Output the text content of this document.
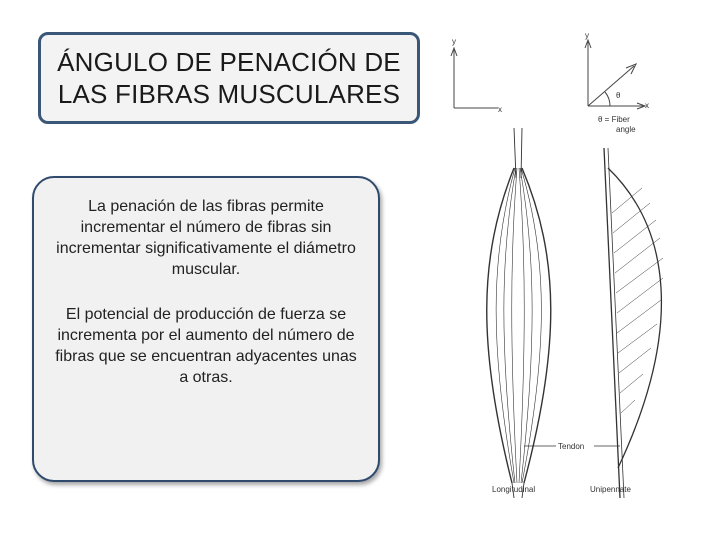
ÁNGULO DE PENACIÓN DE
LAS FIBRAS MUSCULARES

La penación de las fibras permite incrementar el número de fibras sin incrementar significativamente el diámetro muscular.

El potencial de producción de fuerza se incrementa por el aumento del número de fibras que se encuentran adyacentes unas a otras.

y
x
y
x
θ
θ = Fiber
angle
Longitudinal	Unipennate
Tendon
